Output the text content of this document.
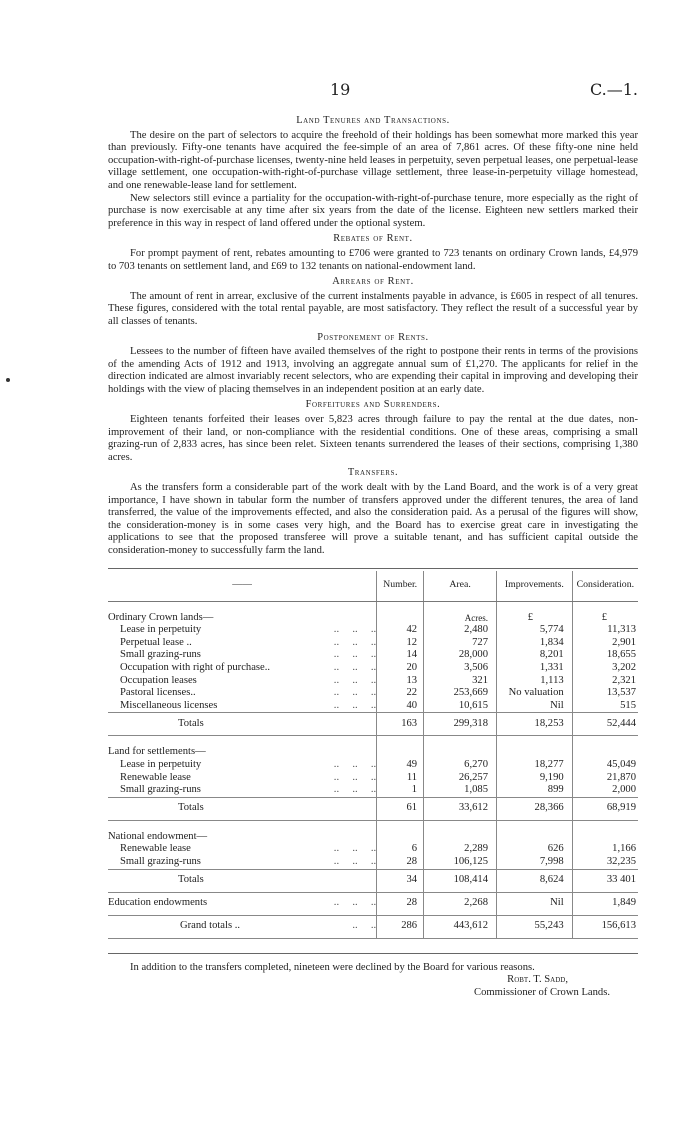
19	C.—1.
Land Tenures and Transactions.

The desire on the part of selectors to acquire the freehold of their holdings has been somewhat more marked this year than previously. Fifty-one tenants have acquired the fee-simple of an area of 7,861 acres. Of these fifty-one nine held occupation-with-right-of-purchase licenses, twenty-nine held leases in perpetuity, seven perpetual leases, one perpetual-lease village settlement, one occupation-with-right-of-purchase village settlement, three lease-in-perpetuity village homestead, and one renewable-lease land for settlement.

New selectors still evince a partiality for the occupation-with-right-of-purchase tenure, more especially as the right of purchase is now exercisable at any time after six years from the date of the license. Eighteen new settlers marked their preference in this way in respect of land offered under the optional system.

Rebates of Rent.

For prompt payment of rent, rebates amounting to £706 were granted to 723 tenants on ordinary Crown lands, £4,979 to 703 tenants on settlement land, and £69 to 132 tenants on national-endowment land.

Arrears of Rent.

The amount of rent in arrear, exclusive of the current instalments payable in advance, is £605 in respect of all tenures. These figures, considered with the total rental payable, are most satisfactory. They reflect the result of a successful year by all classes of tenants.

Postponement of Rents.

Lessees to the number of fifteen have availed themselves of the right to postpone their rents in terms of the provisions of the amending Acts of 1912 and 1913, involving an aggregate annual sum of £1,270. The applicants for relief in the direction indicated are almost invariably recent selectors, who are expending their capital in improving and developing their holdings with the view of placing themselves in an independent position at an early date.

Forfeitures and Surrenders.

Eighteen tenants forfeited their leases over 5,823 acres through failure to pay the rental at the due dates, non-improvement of their land, or non-compliance with the residential conditions. One of these areas, comprising a small grazing-run of 2,833 acres, has since been relet. Sixteen tenants surrendered the leases of their sections, comprising 1,380 acres.

Transfers.

As the transfers form a considerable part of the work dealt with by the Land Board, and the work is of a very great importance, I have shown in tabular form the number of transfers approved under the different tenures, the area of land transferred, the value of the improvements effected, and also the consideration paid. As a perusal of the figures will show, the consideration-money is in some cases very high, and the Board has to exercise great care in investigating the applications to see that the proposed transferee will prove a suitable tenant, and has sufficient capital outside the consideration-money to successfully farm the land.

——	Number.	Area.	Improvements.	Consideration.

Ordinary Crown lands—		Acres.	£	£

Lease in perpetuity ..     ..     ..	42	2,480	5,774	11,313

Perpetual lease .. ..     ..     ..	12	727	1,834	2,901

Small grazing-runs ..     ..     ..	14	28,000	8,201	18,655

Occupation with right of purchase.. ..     ..     ..	20	3,506	1,331	3,202

Occupation leases ..     ..     ..	13	321	1,113	2,321

Pastoral licenses.. ..     ..     ..	22	253,669	No valuation	13,537

Miscellaneous licenses ..     ..     ..	40	10,615	Nil	515
Totals	163	299,318	18,253	52,444

Land for settlements—				

Lease in perpetuity ..     ..     ..	49	6,270	18,277	45,049

Renewable lease ..     ..     ..	11	26,257	9,190	21,870

Small grazing-runs ..     ..     ..	1	1,085	899	2,000
Totals	61	33,612	28,366	68,919

National endowment—				

Renewable lease ..     ..     ..	6	2,289	626	1,166

Small grazing-runs ..     ..     ..	28	106,125	7,998	32,235
Totals	34	108,414	8,624	33 401

Education endowments ..     ..     ..	28	2,268	Nil	1,849

Grand totals .. ..     ..	286	443,612	55,243	156,613

In addition to the transfers completed, nineteen were declined by the Board for various reasons.

Robt. T. Sadd,
Commissioner of Crown Lands.
